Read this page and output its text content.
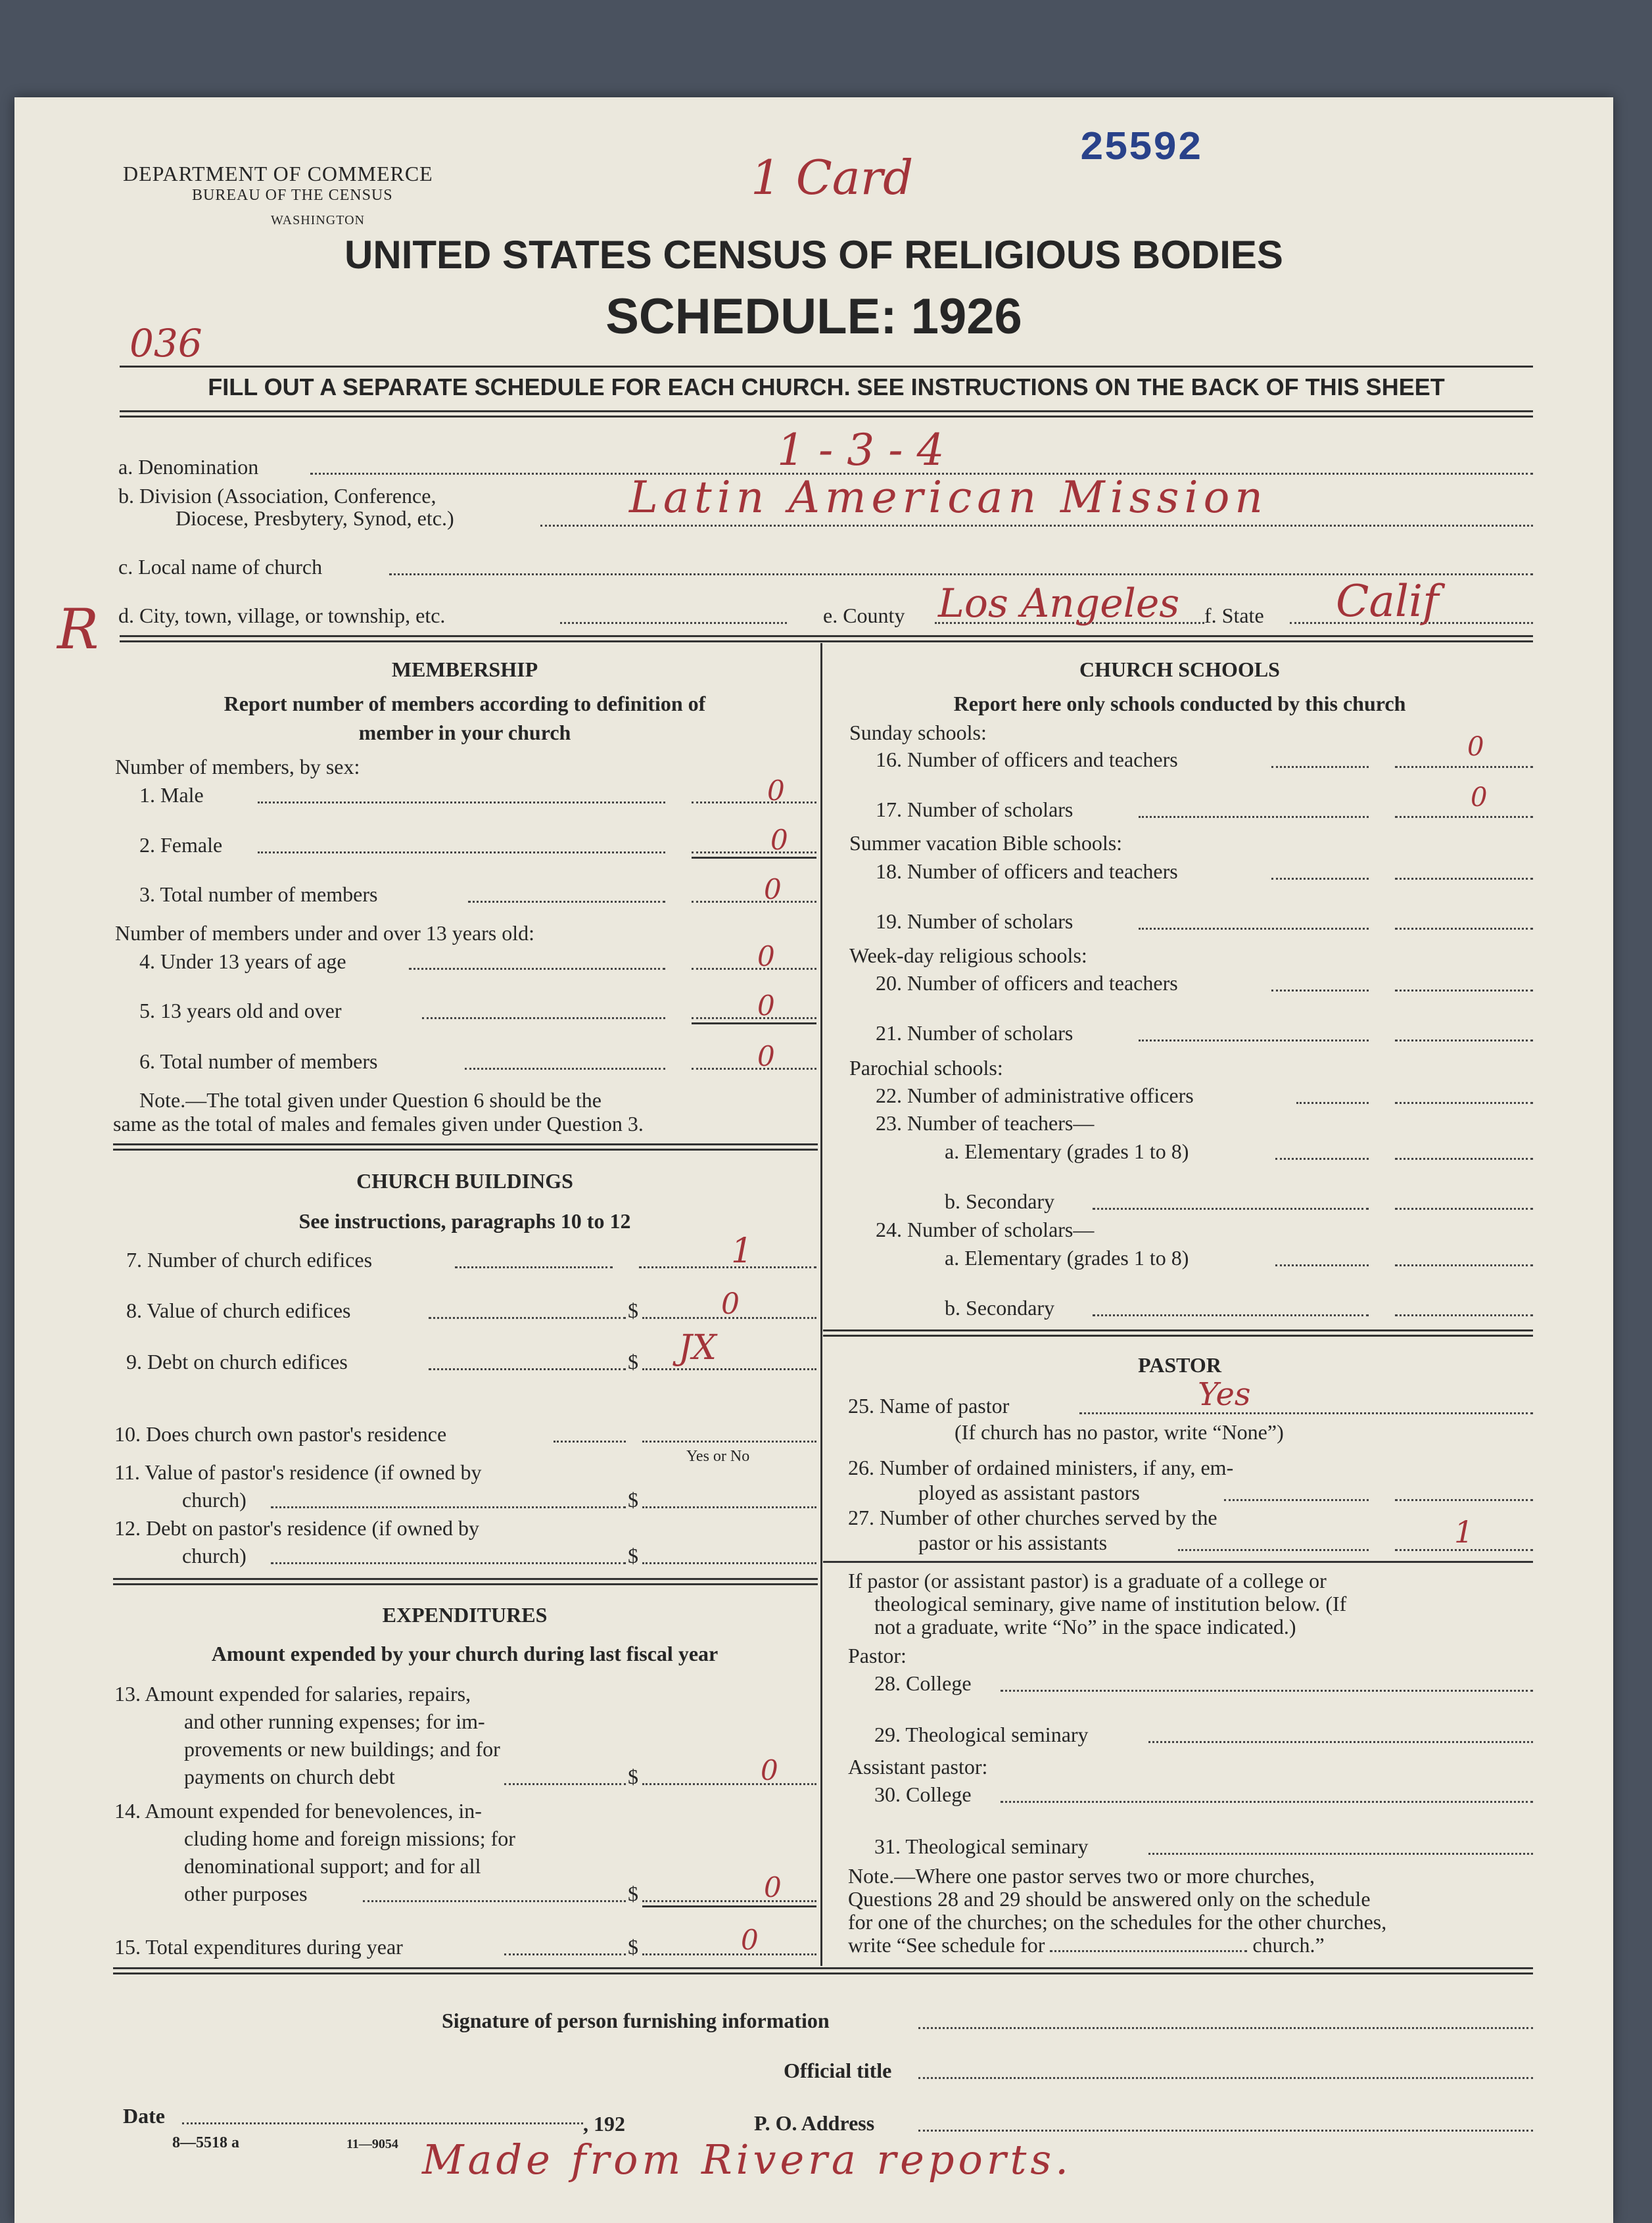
DEPARTMENT OF COMMERCE
BUREAU OF THE CENSUS
WASHINGTON
25592
1 Card
UNITED STATES CENSUS OF RELIGIOUS BODIES
SCHEDULE: 1926
036
FILL OUT A SEPARATE SCHEDULE FOR EACH CHURCH. SEE INSTRUCTIONS ON THE BACK OF THIS SHEET
a. Denomination	1 - 3 - 4
b. Division (Association, Conference,
Diocese, Presbytery, Synod, etc.)	Latin American Mission
c. Local name of church
R d. City, town, village, or township, etc.	e. County Los Angeles f. State Calif
MEMBERSHIP
Report number of members according to definition of
member in your church
Number of members, by sex:
1. Male	0
2. Female	0
3. Total number of members	0
Number of members under and over 13 years old:
4. Under 13 years of age	0
5. 13 years old and over	0
6. Total number of members	0
Note.—The total given under Question 6 should be the
same as the total of males and females given under Question 3.
CHURCH BUILDINGS
See instructions, paragraphs 10 to 12
7. Number of church edifices	1
8. Value of church edifices	$	0
9. Debt on church edifices	$ JX
10. Does church own pastor's residence
Yes or No
11. Value of pastor's residence (if owned by
church)	$
12. Debt on pastor's residence (if owned by
church)	$
EXPENDITURES
Amount expended by your church during last fiscal year
13. Amount expended for salaries, repairs,
and other running expenses; for im-
provements or new buildings; and for
payments on church debt	$	0
14. Amount expended for benevolences, in-
cluding home and foreign missions; for
denominational support; and for all
other purposes	$	0
15. Total expenditures during year	$	0
CHURCH SCHOOLS
Report here only schools conducted by this church
Sunday schools:
16. Number of officers and teachers	0
17. Number of scholars	0
Summer vacation Bible schools:
18. Number of officers and teachers
19. Number of scholars
Week-day religious schools:
20. Number of officers and teachers
21. Number of scholars
Parochial schools:
22. Number of administrative officers
23. Number of teachers—
a. Elementary (grades 1 to 8)
b. Secondary
24. Number of scholars—
a. Elementary (grades 1 to 8)
b. Secondary
PASTOR
25. Name of pastor	Yes
(If church has no pastor, write “None”)
26. Number of ordained ministers, if any, em-
ployed as assistant pastors
27. Number of other churches served by the
pastor or his assistants	1
If pastor (or assistant pastor) is a graduate of a college or
theological seminary, give name of institution below. (If
not a graduate, write “No” in the space indicated.)
Pastor:
28. College
29. Theological seminary
Assistant pastor:
30. College
31. Theological seminary
Note.—Where one pastor serves two or more churches,
Questions 28 and 29 should be answered only on the schedule
for one of the churches; on the schedules for the other churches,
write “See schedule for	church.”
Signature of person furnishing information
Official title
Date	, 192	P. O. Address
8—5518 a	11—9054 Made from Rivera reports.
